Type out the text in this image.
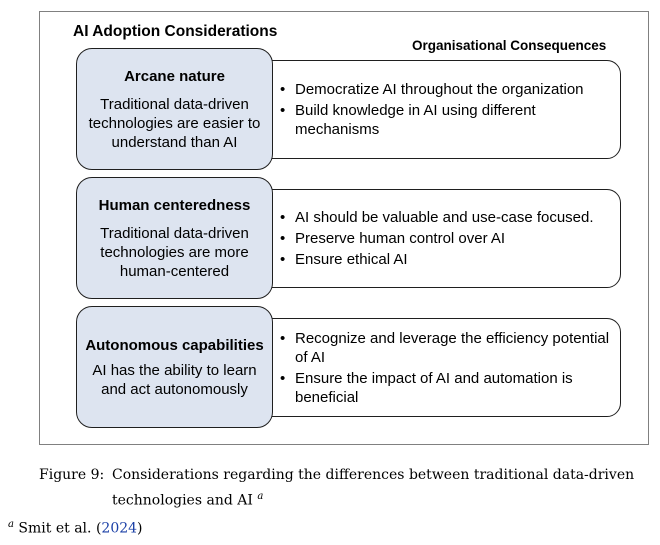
AI Adoption Considerations
Organisational Consequences
• Democratize AI throughout the organization
• Build knowledge in AI using different mechanisms
Arcane nature
Traditional data-driven technologies are easier to understand than AI
• AI should be valuable and use-case focused.
• Preserve human control over AI
• Ensure ethical AI
Human centeredness
Traditional data-driven technologies are more human-centered
• Recognize and leverage the efficiency potential of AI
• Ensure the impact of AI and automation is beneficial
Autonomous capabilities
AI has the ability to learn and act autonomously
Figure 9: Considerations regarding the differences between traditional data-driven technologies and AI $^a$
$^a$ Smit et al. (2024)
